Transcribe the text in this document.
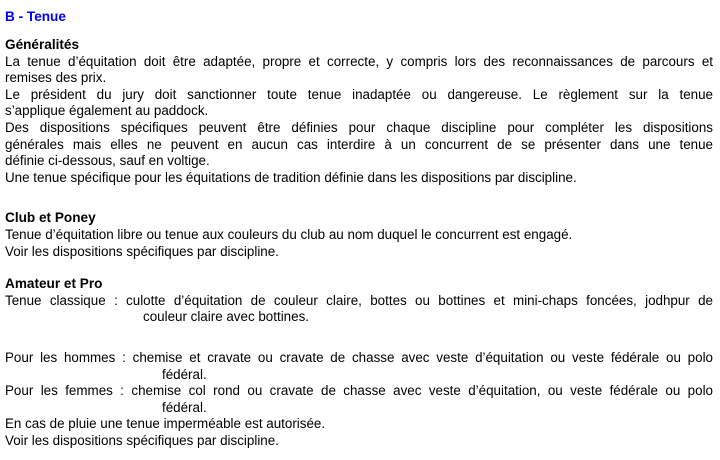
B - Tenue
Généralités
La tenue d’équitation doit être adaptée, propre et correcte, y compris lors des reconnaissances de parcours et
remises des prix.
Le président du jury doit sanctionner toute tenue inadaptée ou dangereuse. Le règlement sur la tenue
s’applique également au paddock.
Des dispositions spécifiques peuvent être définies pour chaque discipline pour compléter les dispositions
générales mais elles ne peuvent en aucun cas interdire à un concurrent de se présenter dans une tenue
définie ci-dessous, sauf en voltige.
Une tenue spécifique pour les équitations de tradition définie dans les dispositions par discipline.
Club et Poney
Tenue d’équitation libre ou tenue aux couleurs du club au nom duquel le concurrent est engagé.
Voir les dispositions spécifiques par discipline.
Amateur et Pro
Tenue classique : culotte d’équitation de couleur claire, bottes ou bottines et mini-chaps foncées, jodhpur de
couleur claire avec bottines.
Pour les hommes : chemise et cravate ou cravate de chasse avec veste d’équitation ou veste fédérale ou polo
fédéral.
Pour les femmes : chemise col rond ou cravate de chasse avec veste d’équitation, ou veste fédérale ou polo
fédéral.
En cas de pluie une tenue imperméable est autorisée.
Voir les dispositions spécifiques par discipline.
